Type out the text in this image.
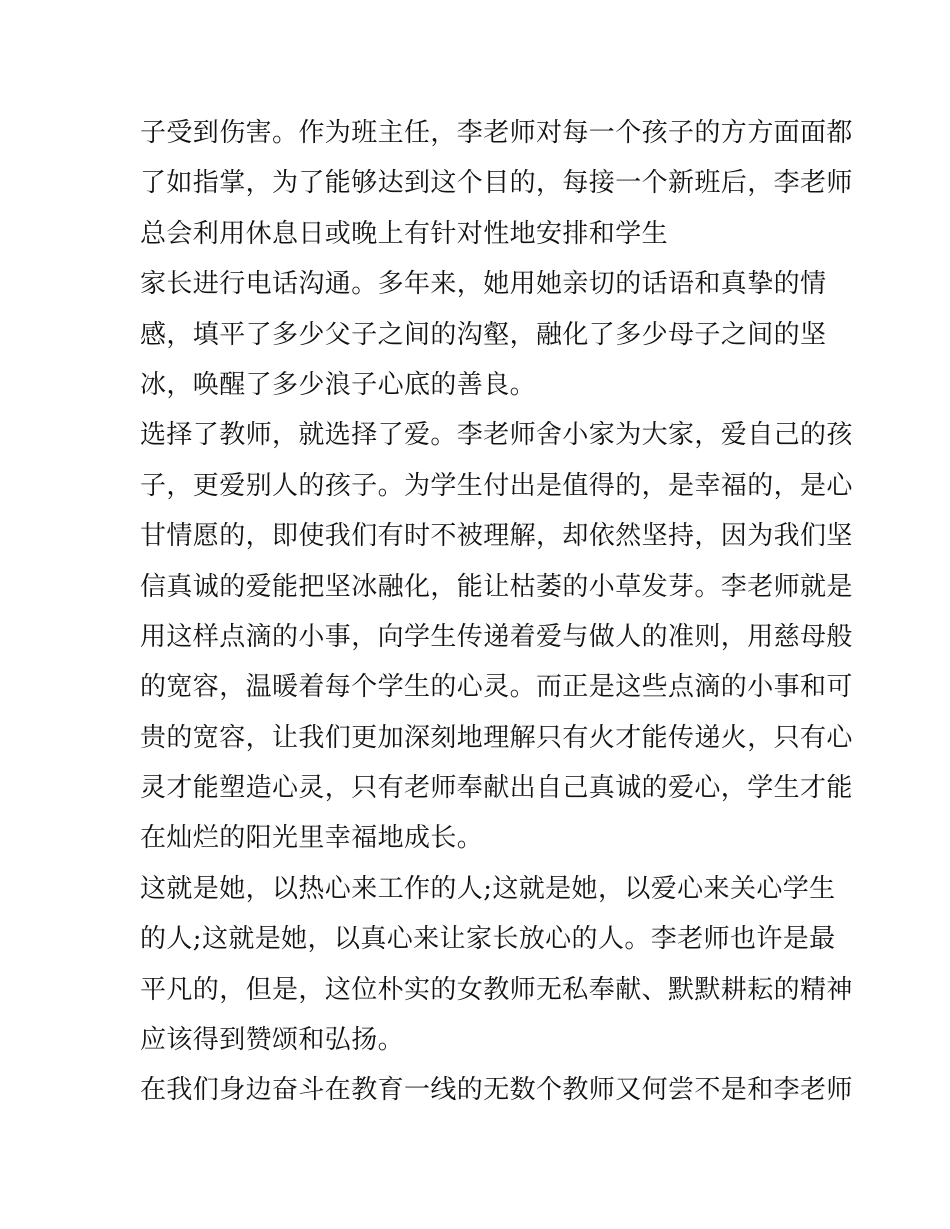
子受到伤害。作为班主任，李老师对每一个孩子的方方面面都
了如指掌，为了能够达到这个目的，每接一个新班后，李老师
总会利用休息日或晚上有针对性地安排和学生
家长进行电话沟通。多年来，她用她亲切的话语和真挚的情
感，填平了多少父子之间的沟壑，融化了多少母子之间的坚
冰，唤醒了多少浪子心底的善良。
选择了教师，就选择了爱。李老师舍小家为大家，爱自己的孩
子，更爱别人的孩子。为学生付出是值得的，是幸福的，是心
甘情愿的，即使我们有时不被理解，却依然坚持，因为我们坚
信真诚的爱能把坚冰融化，能让枯萎的小草发芽。李老师就是
用这样点滴的小事，向学生传递着爱与做人的准则，用慈母般
的宽容，温暖着每个学生的心灵。而正是这些点滴的小事和可
贵的宽容，让我们更加深刻地理解只有火才能传递火，只有心
灵才能塑造心灵，只有老师奉献出自己真诚的爱心，学生才能
在灿烂的阳光里幸福地成长。
这就是她，以热心来工作的人;这就是她，以爱心来关心学生
的人;这就是她，以真心来让家长放心的人。李老师也许是最
平凡的，但是，这位朴实的女教师无私奉献、默默耕耘的精神
应该得到赞颂和弘扬。
在我们身边奋斗在教育一线的无数个教师又何尝不是和李老师
